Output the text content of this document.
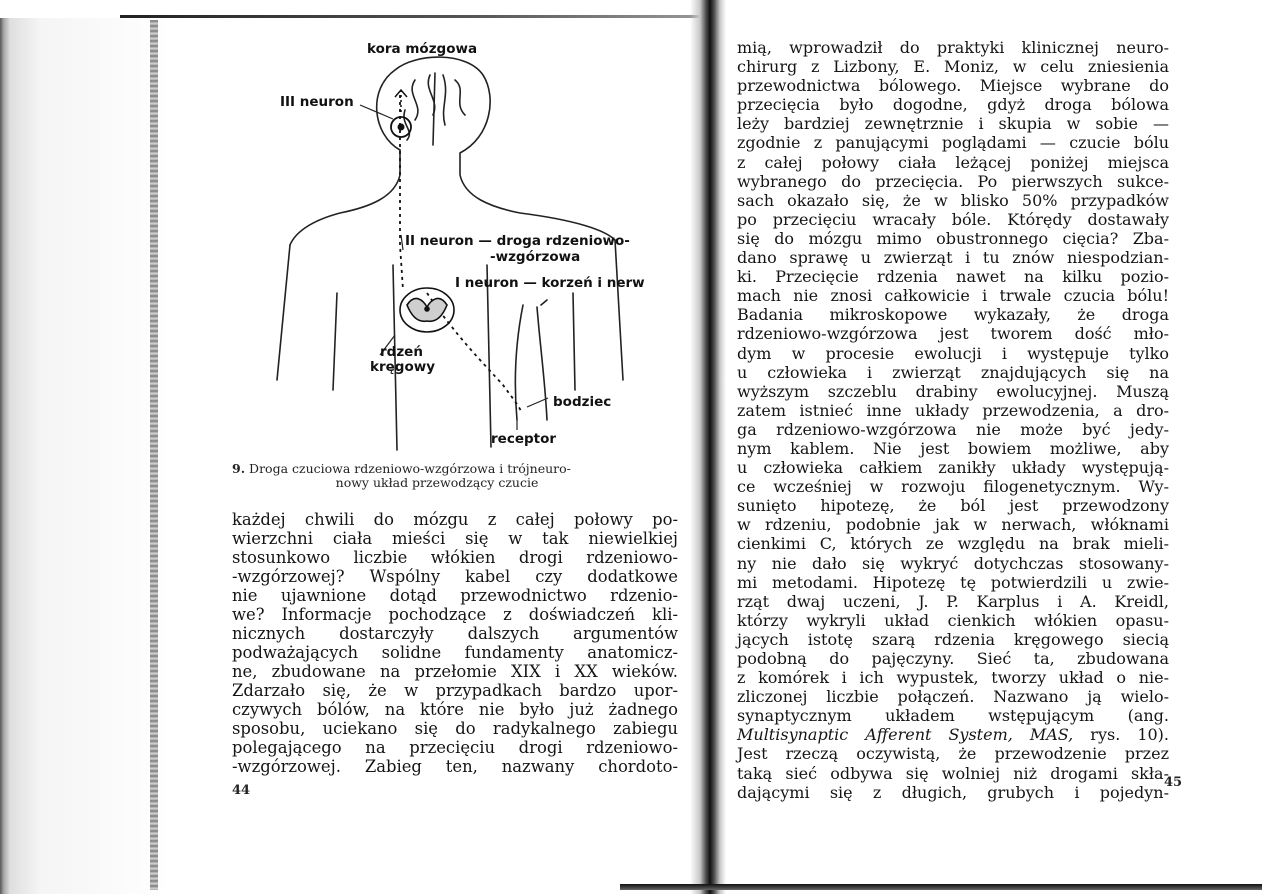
kora mózgowa
III neuron
II neuron — droga rdzeniowo-
-wzgórzowa
I neuron — korzeń i nerw
rdzeń
kręgowy
bodziec
receptor
9. Droga czuciowa rdzeniowo-wzgórzowa i trójneuro-
nowy układ przewodzący czucie
każdej chwili do mózgu z całej połowy po-
wierzchni ciała mieści się w tak niewielkiej
stosunkowo liczbie włókien drogi rdzeniowo-
-wzgórzowej? Wspólny kabel czy dodatkowe
nie ujawnione dotąd przewodnictwo rdzenio-
we? Informacje pochodzące z doświadczeń kli-
nicznych dostarczyły dalszych argumentów
podważających solidne fundamenty anatomicz-
ne, zbudowane na przełomie XIX i XX wieków.
Zdarzało się, że w przypadkach bardzo upor-
czywych bólów, na które nie było już żadnego
sposobu, uciekano się do radykalnego zabiegu
polegającego na przecięciu drogi rdzeniowo-
-wzgórzowej. Zabieg ten, nazwany chordoto-
44
mią, wprowadził do praktyki klinicznej neuro-
chirurg z Lizbony, E. Moniz, w celu zniesienia
przewodnictwa bólowego. Miejsce wybrane do
przecięcia było dogodne, gdyż droga bólowa
leży bardziej zewnętrznie i skupia w sobie —
zgodnie z panującymi poglądami — czucie bólu
z całej połowy ciała leżącej poniżej miejsca
wybranego do przecięcia. Po pierwszych sukce-
sach okazało się, że w blisko 50% przypadków
po przecięciu wracały bóle. Którędy dostawały
się do mózgu mimo obustronnego cięcia? Zba-
dano sprawę u zwierząt i tu znów niespodzian-
ki. Przecięcie rdzenia nawet na kilku pozio-
mach nie znosi całkowicie i trwale czucia bólu!
Badania mikroskopowe wykazały, że droga
rdzeniowo-wzgórzowa jest tworem dość mło-
dym w procesie ewolucji i występuje tylko
u człowieka i zwierząt znajdujących się na
wyższym szczeblu drabiny ewolucyjnej. Muszą
zatem istnieć inne układy przewodzenia, a dro-
ga rdzeniowo-wzgórzowa nie może być jedy-
nym kablem. Nie jest bowiem możliwe, aby
u człowieka całkiem zanikły układy występują-
ce wcześniej w rozwoju filogenetycznym. Wy-
sunięto hipotezę, że ból jest przewodzony
w rdzeniu, podobnie jak w nerwach, włóknami
cienkimi C, których ze względu na brak mieli-
ny nie dało się wykryć dotychczas stosowany-
mi metodami. Hipotezę tę potwierdzili u zwie-
rząt dwaj uczeni, J. P. Karplus i A. Kreidl,
którzy wykryli układ cienkich włókien opasu-
jących istotę szarą rdzenia kręgowego siecią
podobną do pajęczyny. Sieć ta, zbudowana
z komórek i ich wypustek, tworzy układ o nie-
zliczonej liczbie połączeń. Nazwano ją wielo-
synaptycznym układem wstępującym (ang.
Multisynaptic Afferent System, MAS, rys. 10).
Jest rzeczą oczywistą, że przewodzenie przez
taką sieć odbywa się wolniej niż drogami skła-
dającymi się z długich, grubych i pojedyn-
45
